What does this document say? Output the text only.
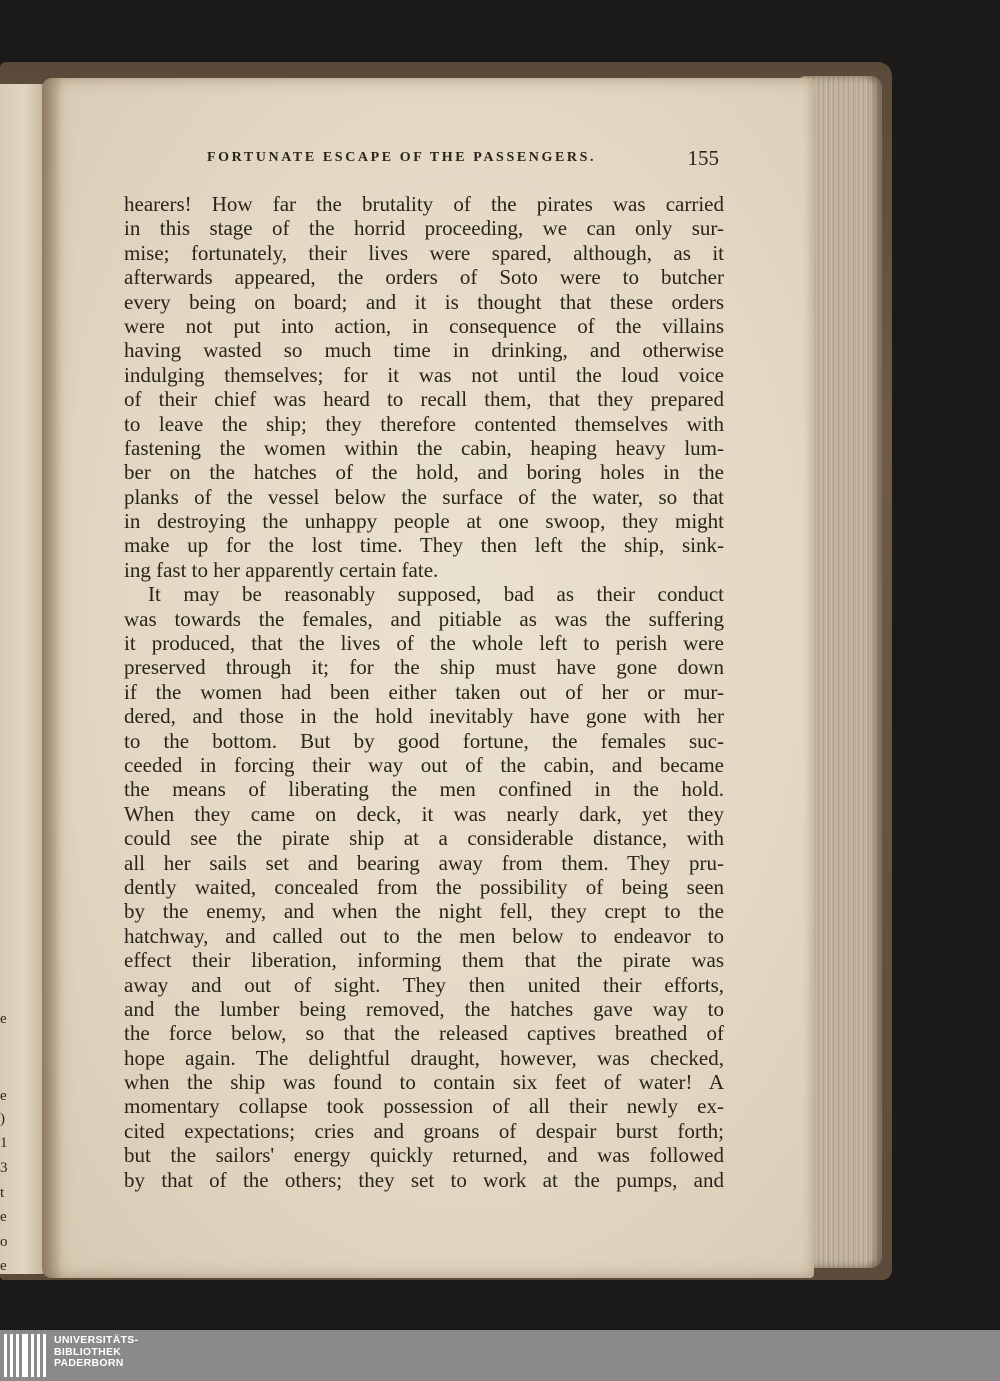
e
e
)
1
3
t
e
o
e
FORTUNATE ESCAPE OF THE PASSENGERS.	155
hearers! How far the brutality of the pirates was carried
in this stage of the horrid proceeding, we can only sur-
mise; fortunately, their lives were spared, although, as it
afterwards appeared, the orders of Soto were to butcher
every being on board; and it is thought that these orders
were not put into action, in consequence of the villains
having wasted so much time in drinking, and otherwise
indulging themselves; for it was not until the loud voice
of their chief was heard to recall them, that they prepared
to leave the ship; they therefore contented themselves with
fastening the women within the cabin, heaping heavy lum-
ber on the hatches of the hold, and boring holes in the
planks of the vessel below the surface of the water, so that
in destroying the unhappy people at one swoop, they might
make up for the lost time. They then left the ship, sink-
ing fast to her apparently certain fate.
It may be reasonably supposed, bad as their conduct
was towards the females, and pitiable as was the suffering
it produced, that the lives of the whole left to perish were
preserved through it; for the ship must have gone down
if the women had been either taken out of her or mur-
dered, and those in the hold inevitably have gone with her
to the bottom. But by good fortune, the females suc-
ceeded in forcing their way out of the cabin, and became
the means of liberating the men confined in the hold.
When they came on deck, it was nearly dark, yet they
could see the pirate ship at a considerable distance, with
all her sails set and bearing away from them. They pru-
dently waited, concealed from the possibility of being seen
by the enemy, and when the night fell, they crept to the
hatchway, and called out to the men below to endeavor to
effect their liberation, informing them that the pirate was
away and out of sight. They then united their efforts,
and the lumber being removed, the hatches gave way to
the force below, so that the released captives breathed of
hope again. The delightful draught, however, was checked,
when the ship was found to contain six feet of water! A
momentary collapse took possession of all their newly ex-
cited expectations; cries and groans of despair burst forth;
but the sailors' energy quickly returned, and was followed
by that of the others; they set to work at the pumps, and
UNIVERSITÄTS-
BIBLIOTHEK
PADERBORN
